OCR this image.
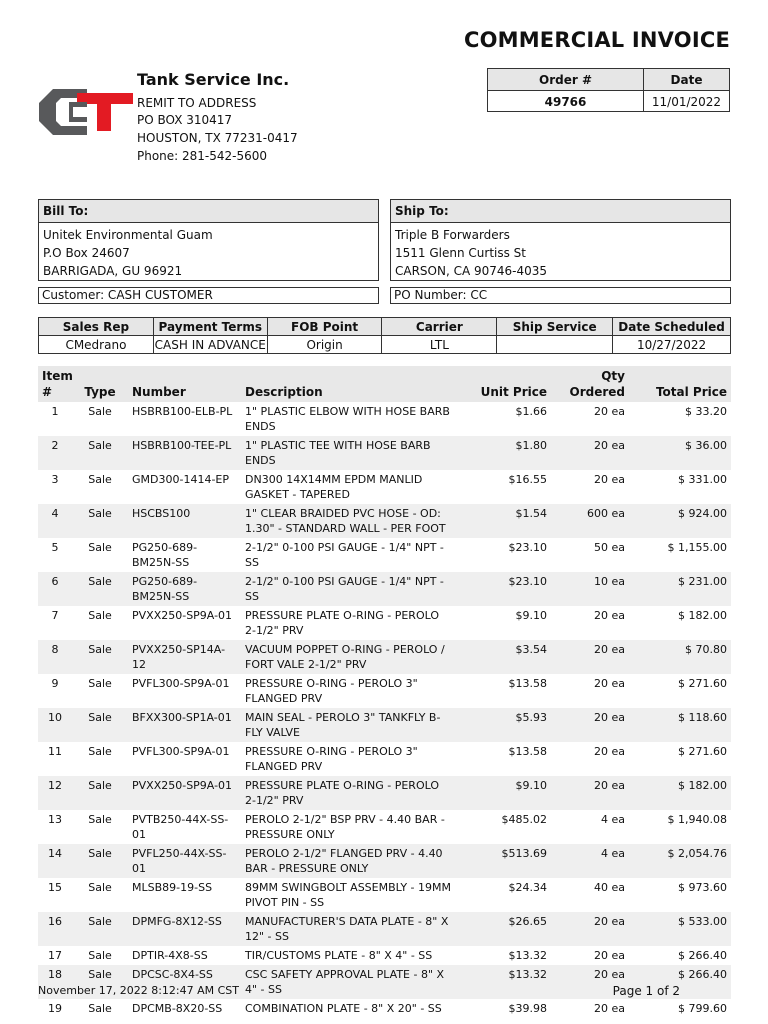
COMMERCIAL INVOICE
Tank Service Inc.
REMIT TO ADDRESS
PO BOX 310417
HOUSTON, TX 77231-0417
Phone: 281-542-5600
Order #	Date
49766	11/01/2022
Bill To:
Unitek Environmental Guam
P.O Box 24607
BARRIGADA, GU 96921
Ship To:
Triple B Forwarders
1511 Glenn Curtiss St
CARSON, CA 90746-4035
Customer: CASH CUSTOMER	PO Number: CC
Sales Rep	Payment Terms	FOB Point	Carrier	Ship Service	Date Scheduled
CMedrano	CASH IN ADVANCE	Origin	LTL		10/27/2022
Item #	Type	Number	Description	Unit Price	Qty Ordered	Total Price
1	Sale	HSBRB100-ELB-PL	1" PLASTIC ELBOW WITH HOSE BARB ENDS	$1.66	20 ea	$ 33.20
2	Sale	HSBRB100-TEE-PL	1" PLASTIC TEE WITH HOSE BARB ENDS	$1.80	20 ea	$ 36.00
3	Sale	GMD300-1414-EP	DN300 14X14MM EPDM MANLID GASKET - TAPERED	$16.55	20 ea	$ 331.00
4	Sale	HSCBS100	1" CLEAR BRAIDED PVC HOSE - OD: 1.30" - STANDARD WALL - PER FOOT	$1.54	600 ea	$ 924.00
5	Sale	PG250-689-BM25N-SS	2-1/2" 0-100 PSI GAUGE - 1/4" NPT - SS	$23.10	50 ea	$ 1,155.00
6	Sale	PG250-689-BM25N-SS	2-1/2" 0-100 PSI GAUGE - 1/4" NPT - SS	$23.10	10 ea	$ 231.00
7	Sale	PVXX250-SP9A-01	PRESSURE PLATE O-RING - PEROLO 2-1/2" PRV	$9.10	20 ea	$ 182.00
8	Sale	PVXX250-SP14A-12	VACUUM POPPET O-RING - PEROLO / FORT VALE 2-1/2" PRV	$3.54	20 ea	$ 70.80
9	Sale	PVFL300-SP9A-01	PRESSURE O-RING - PEROLO 3" FLANGED PRV	$13.58	20 ea	$ 271.60
10	Sale	BFXX300-SP1A-01	MAIN SEAL - PEROLO 3" TANKFLY B-FLY VALVE	$5.93	20 ea	$ 118.60
11	Sale	PVFL300-SP9A-01	PRESSURE O-RING - PEROLO 3" FLANGED PRV	$13.58	20 ea	$ 271.60
12	Sale	PVXX250-SP9A-01	PRESSURE PLATE O-RING - PEROLO 2-1/2" PRV	$9.10	20 ea	$ 182.00
13	Sale	PVTB250-44X-SS-01	PEROLO 2-1/2" BSP PRV - 4.40 BAR - PRESSURE ONLY	$485.02	4 ea	$ 1,940.08
14	Sale	PVFL250-44X-SS-01	PEROLO 2-1/2" FLANGED PRV - 4.40 BAR - PRESSURE ONLY	$513.69	4 ea	$ 2,054.76
15	Sale	MLSB89-19-SS	89MM SWINGBOLT ASSEMBLY - 19MM PIVOT PIN - SS	$24.34	40 ea	$ 973.60
16	Sale	DPMFG-8X12-SS	MANUFACTURER'S DATA PLATE - 8" X 12" - SS	$26.65	20 ea	$ 533.00
17	Sale	DPTIR-4X8-SS	TIR/CUSTOMS PLATE - 8" X 4" - SS	$13.32	20 ea	$ 266.40
18	Sale	DPCSC-8X4-SS	CSC SAFETY APPROVAL PLATE - 8" X 4" - SS	$13.32	20 ea	$ 266.40
19	Sale	DPCMB-8X20-SS	COMBINATION PLATE - 8" X 20" - SS	$39.98	20 ea	$ 799.60
November 17, 2022 8:12:47 AM CST	Page 1 of 2
